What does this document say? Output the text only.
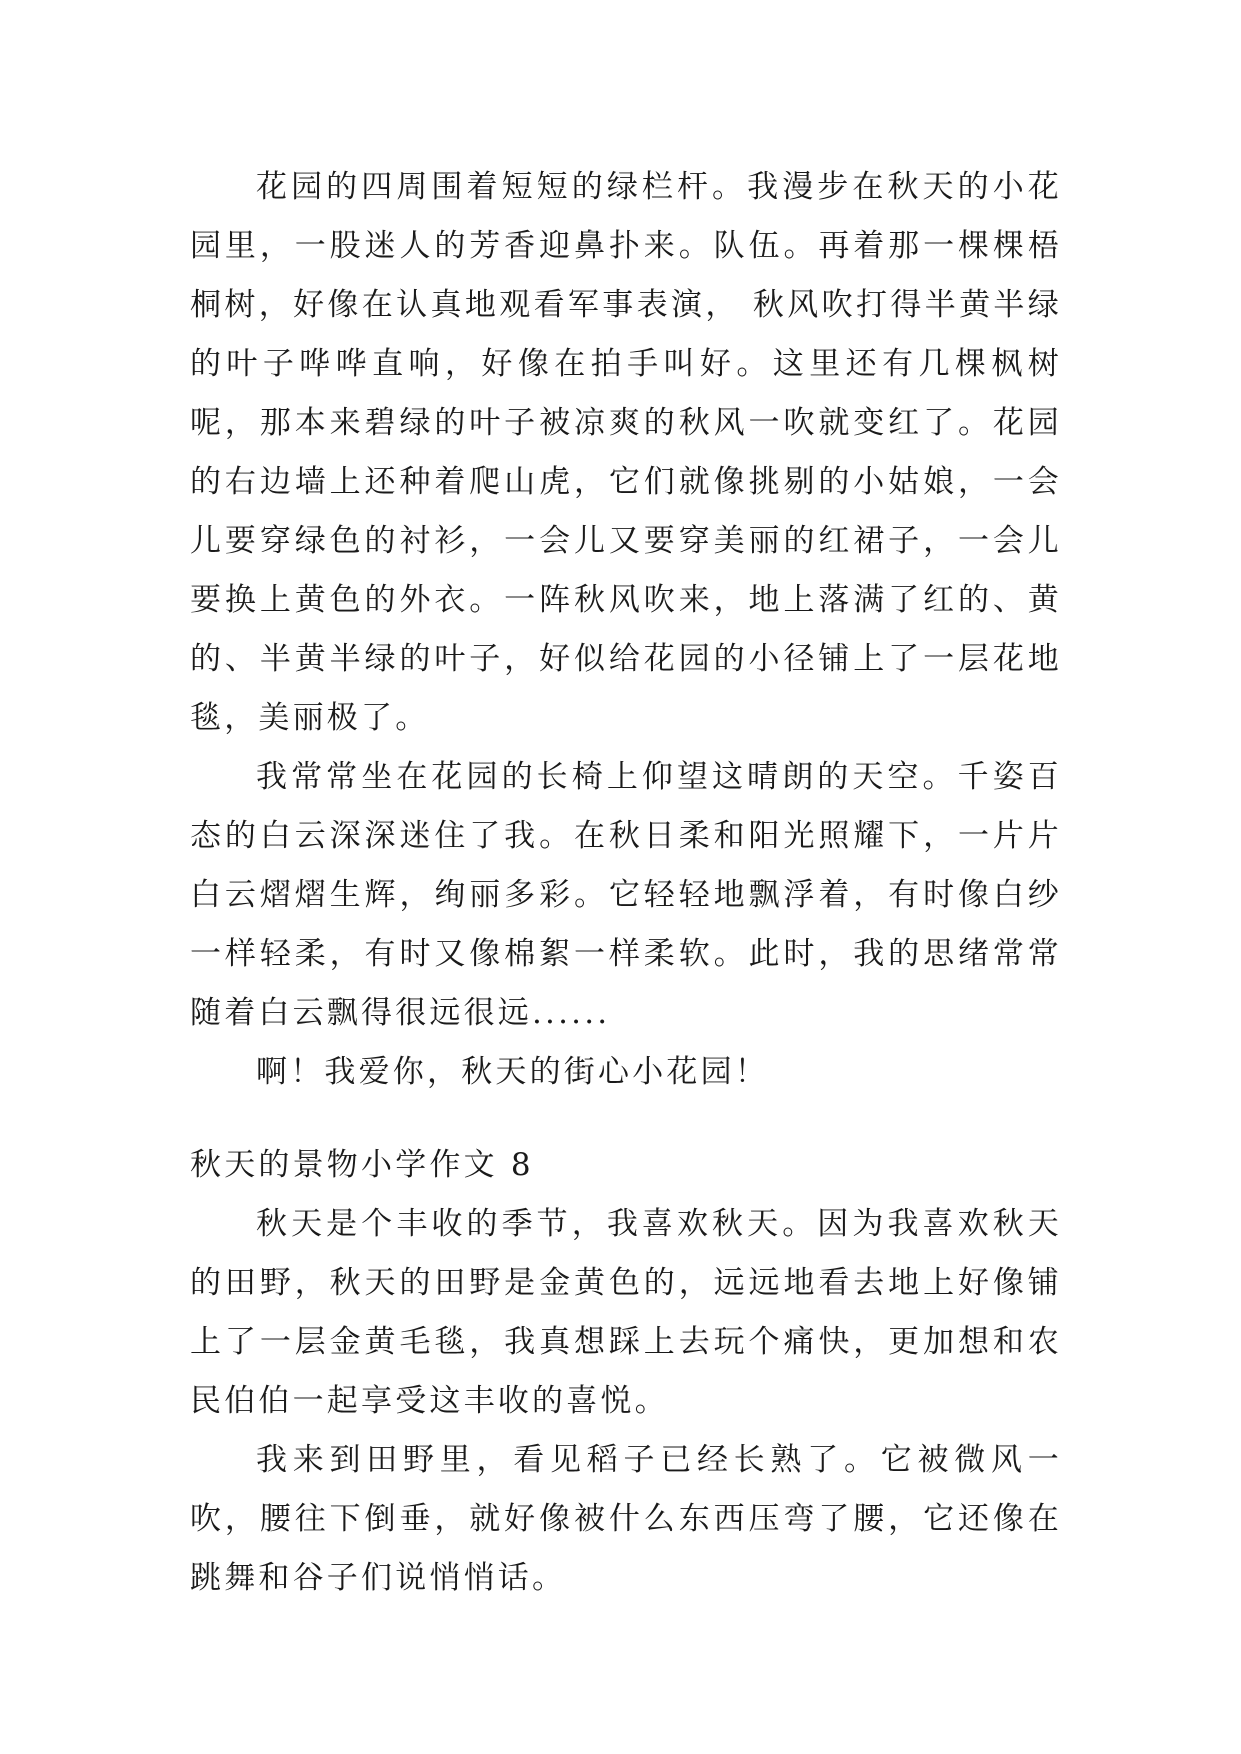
花园的四周围着短短的绿栏杆。我漫步在秋天的小花园里，一股迷人的芳香迎鼻扑来。队伍。再着那一棵棵梧桐树，好像在认真地观看军事表演， 秋风吹打得半黄半绿的叶子哗哗直响，好像在拍手叫好。这里还有几棵枫树呢，那本来碧绿的叶子被凉爽的秋风一吹就变红了。花园的右边墙上还种着爬山虎，它们就像挑剔的小姑娘，一会儿要穿绿色的衬衫，一会儿又要穿美丽的红裙子，一会儿要换上黄色的外衣。一阵秋风吹来，地上落满了红的、黄的、半黄半绿的叶子，好似给花园的小径铺上了一层花地毯，美丽极了。

我常常坐在花园的长椅上仰望这晴朗的天空。千姿百态的白云深深迷住了我。在秋日柔和阳光照耀下，一片片白云熠熠生辉，绚丽多彩。它轻轻地飘浮着，有时像白纱一样轻柔，有时又像棉絮一样柔软。此时，我的思绪常常随着白云飘得很远很远......

啊！我爱你，秋天的街心小花园！

秋天的景物小学作文 8

秋天是个丰收的季节，我喜欢秋天。因为我喜欢秋天的田野，秋天的田野是金黄色的，远远地看去地上好像铺上了一层金黄毛毯，我真想踩上去玩个痛快，更加想和农民伯伯一起享受这丰收的喜悦。

我来到田野里，看见稻子已经长熟了。它被微风一吹，腰往下倒垂，就好像被什么东西压弯了腰，它还像在跳舞和谷子们说悄悄话。
